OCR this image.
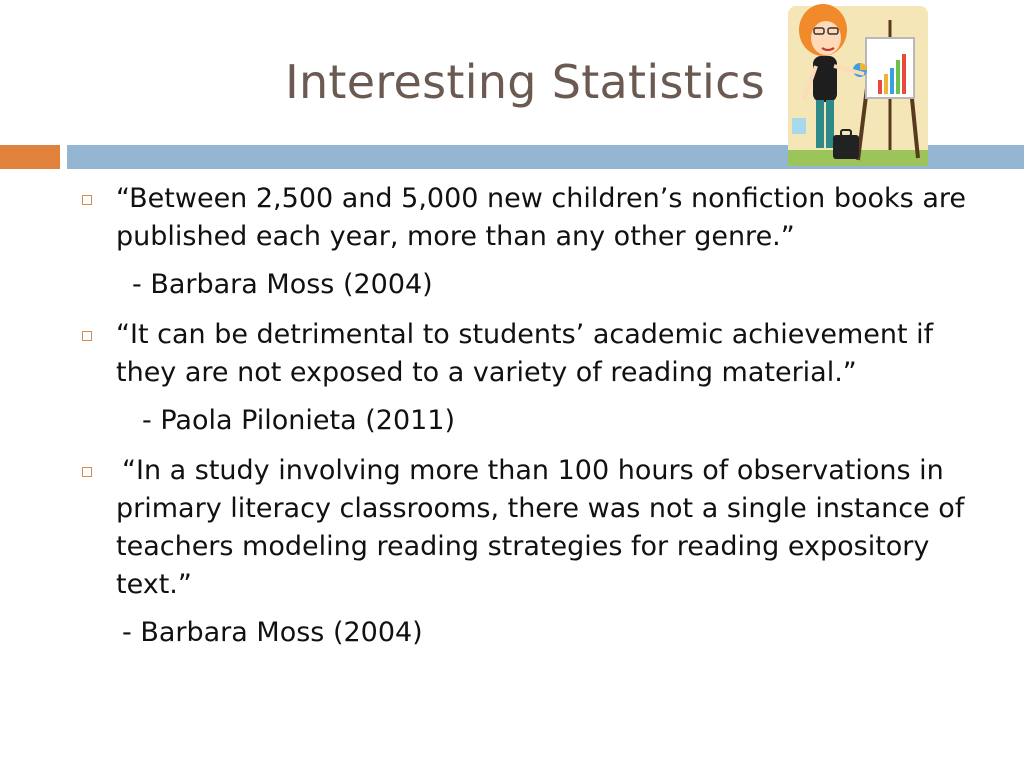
Interesting Statistics

“Between 2,500 and 5,000 new children’s nonfiction books are published each year, more than any other genre.”

- Barbara Moss (2004)

“It can be detrimental to students’ academic achievement if they are not exposed to a variety of reading material.”

- Paola Pilonieta (2011)

“In a study involving more than 100 hours of observations in primary literacy classrooms, there was not a single instance of teachers modeling reading strategies for reading expository text.”

- Barbara Moss (2004)
